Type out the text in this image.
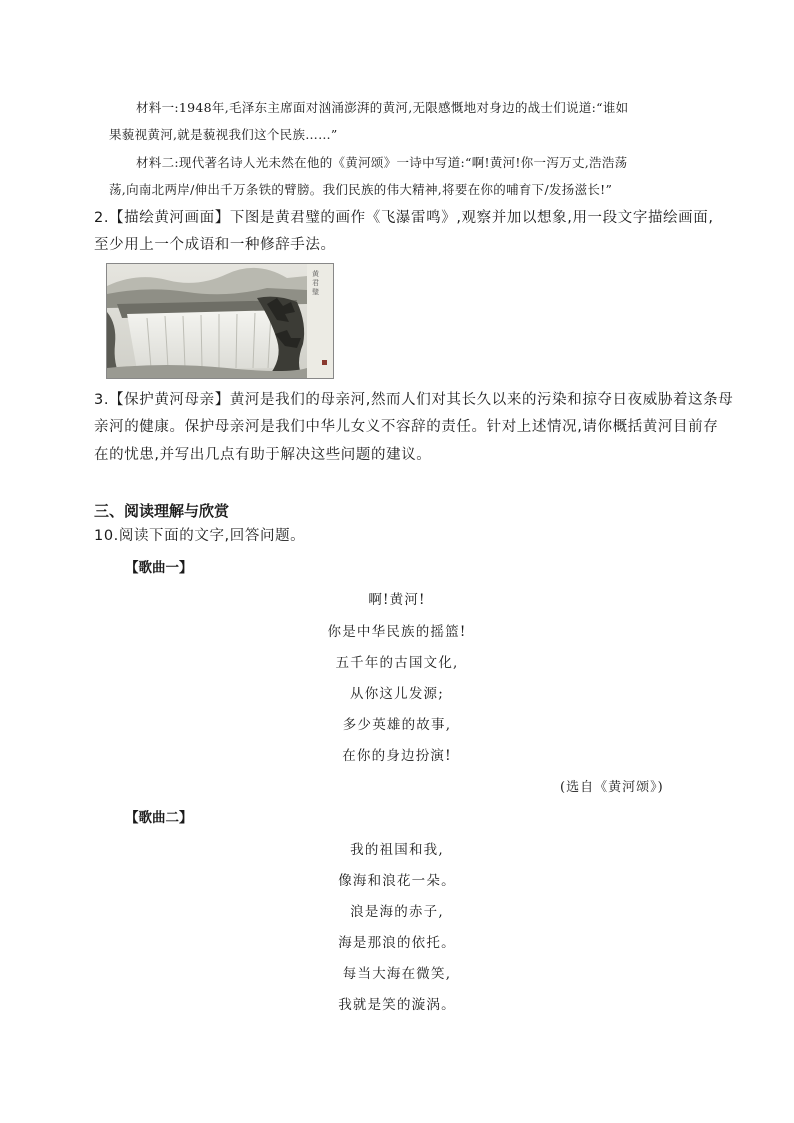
材料一:1948年,毛泽东主席面对汹涌澎湃的黄河,无限感慨地对身边的战士们说道:“谁如
果藐视黄河,就是藐视我们这个民族……”
材料二:现代著名诗人光未然在他的《黄河颂》一诗中写道:“啊!黄河!你一泻万丈,浩浩荡
荡,向南北两岸/伸出千万条铁的臂膀。我们民族的伟大精神,将要在你的哺育下/发扬滋长!”
2.【描绘黄河画面】下图是黄君璧的画作《飞瀑雷鸣》,观察并加以想象,用一段文字描绘画面,
至少用上一个成语和一种修辞手法。
黄君璧
3.【保护黄河母亲】黄河是我们的母亲河,然而人们对其长久以来的污染和掠夺日夜威胁着这条母
亲河的健康。保护母亲河是我们中华儿女义不容辞的责任。针对上述情况,请你概括黄河目前存
在的忧患,并写出几点有助于解决这些问题的建议。
三、阅读理解与欣赏
10.阅读下面的文字,回答问题。
【歌曲一】
啊!黄河!
你是中华民族的摇篮!
五千年的古国文化,
从你这儿发源;
多少英雄的故事,
在你的身边扮演!
(选自《黄河颂》)
【歌曲二】
我的祖国和我,
像海和浪花一朵。
浪是海的赤子,
海是那浪的依托。
每当大海在微笑,
我就是笑的漩涡。
